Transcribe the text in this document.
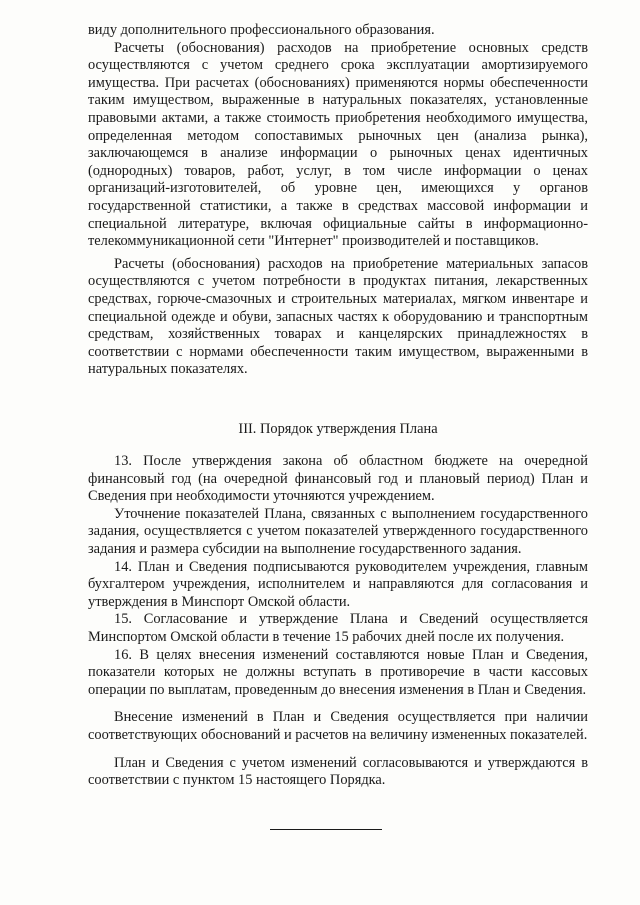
виду дополнительного профессионального образования.

Расчеты (обоснования) расходов на приобретение основных средств осуществляются с учетом среднего срока эксплуатации амортизируемого имущества. При расчетах (обоснованиях) применяются нормы обеспеченности таким имуществом, выраженные в натуральных показателях, установленные правовыми актами, а также стоимость приобретения необходимого имущества, определенная методом сопоставимых рыночных цен (анализа рынка), заключающемся в анализе информации о рыночных ценах идентичных (однородных) товаров, работ, услуг, в том числе информации о ценах организаций-изготовителей, об уровне цен, имеющихся у органов государственной статистики, а также в средствах массовой информации и специальной литературе, включая официальные сайты в информационно-телекоммуникационной сети "Интернет" производителей и поставщиков.

Расчеты (обоснования) расходов на приобретение материальных запасов осуществляются с учетом потребности в продуктах питания, лекарственных средствах, горюче-смазочных и строительных материалах, мягком инвентаре и специальной одежде и обуви, запасных частях к оборудованию и транспортным средствам, хозяйственных товарах и канцелярских принадлежностях в соответствии с нормами обеспеченности таким имуществом, выраженными в натуральных показателях.

III. Порядок утверждения Плана

13. После утверждения закона об областном бюджете на очередной финансовый год (на очередной финансовый год и плановый период) План и Сведения при необходимости уточняются учреждением.

Уточнение показателей Плана, связанных с выполнением государственного задания, осуществляется с учетом показателей утвержденного государственного задания и размера субсидии на выполнение государственного задания.

14. План и Сведения подписываются руководителем учреждения, главным бухгалтером учреждения, исполнителем и направляются для согласования и утверждения в Минспорт Омской области.

15. Согласование и утверждение Плана и Сведений осуществляется Минспортом Омской области в течение 15 рабочих дней после их получения.

16. В целях внесения изменений составляются новые План и Сведения, показатели которых не должны вступать в противоречие в части кассовых операции по выплатам, проведенным до внесения изменения в План и Сведения.

Внесение изменений в План и Сведения осуществляется при наличии соответствующих обоснований и расчетов на величину измененных показателей.

План и Сведения с учетом изменений согласовываются и утверждаются в соответствии с пунктом 15 настоящего Порядка.
